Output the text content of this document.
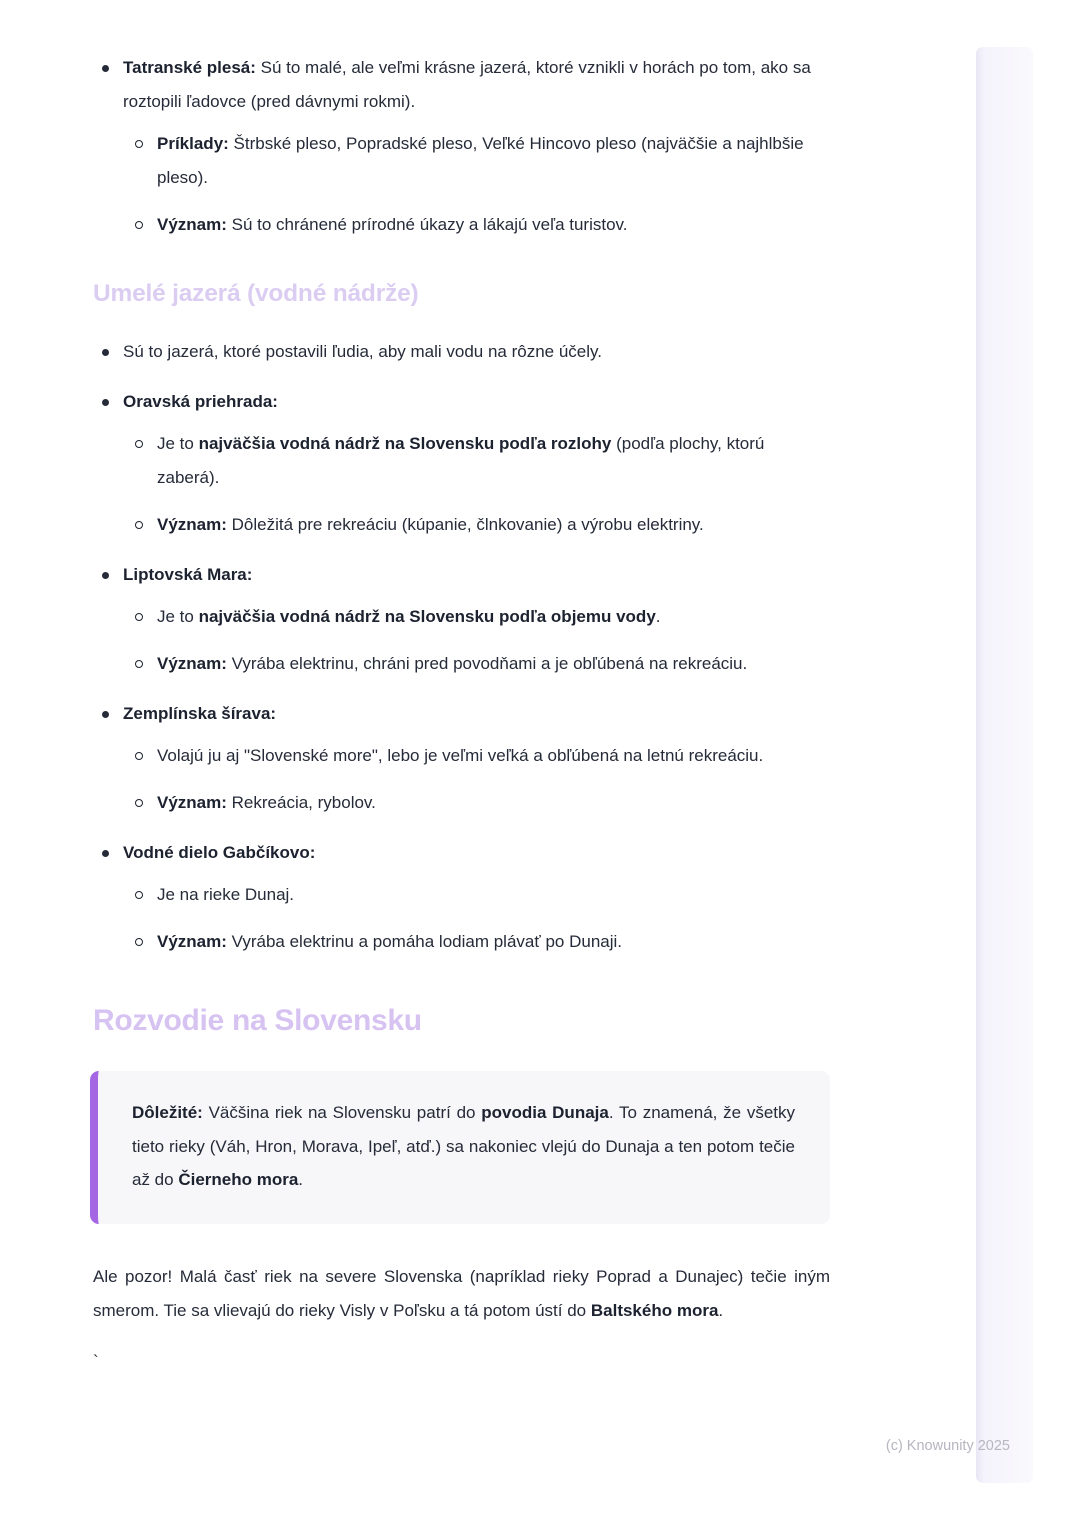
Tatranské plesá: Sú to malé, ale veľmi krásne jazerá, ktoré vznikli v horách po tom, ako sa roztopili ľadovce (pred dávnymi rokmi).
Príklady: Štrbské pleso, Popradské pleso, Veľké Hincovo pleso (najväčšie a najhlbšie pleso).
Význam: Sú to chránené prírodné úkazy a lákajú veľa turistov.
Umelé jazerá (vodné nádrže)
Sú to jazerá, ktoré postavili ľudia, aby mali vodu na rôzne účely.
Oravská priehrada:
Je to najväčšia vodná nádrž na Slovensku podľa rozlohy (podľa plochy, ktorú zaberá).
Význam: Dôležitá pre rekreáciu (kúpanie, člnkovanie) a výrobu elektriny.
Liptovská Mara:
Je to najväčšia vodná nádrž na Slovensku podľa objemu vody.
Význam: Vyrába elektrinu, chráni pred povodňami a je obľúbená na rekreáciu.
Zemplínska šírava:
Volajú ju aj "Slovenské more", lebo je veľmi veľká a obľúbená na letnú rekreáciu.
Význam: Rekreácia, rybolov.
Vodné dielo Gabčíkovo:
Je na rieke Dunaj.
Význam: Vyrába elektrinu a pomáha lodiam plávať po Dunaji.
Rozvodie na Slovensku
Dôležité: Väčšina riek na Slovensku patrí do povodia Dunaja. To znamená, že všetky tieto rieky (Váh, Hron, Morava, Ipeľ, atď.) sa nakoniec vlejú do Dunaja a ten potom tečie až do Čierneho mora.

Ale pozor! Malá časť riek na severe Slovenska (napríklad rieky Poprad a Dunajec) tečie iným smerom. Tie sa vlievajú do rieky Visly v Poľsku a tá potom ústí do Baltského mora.

`
(c) Knowunity 2025
